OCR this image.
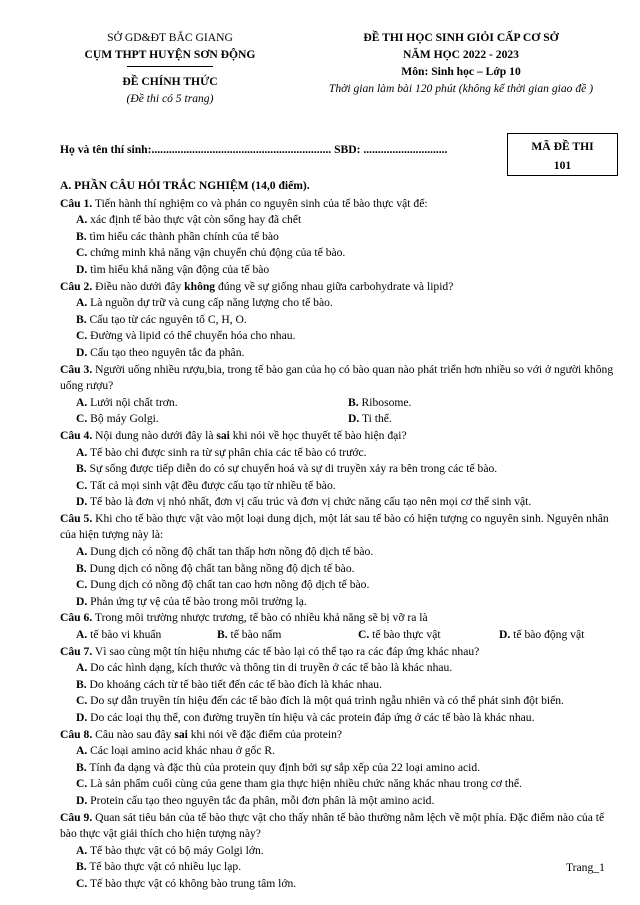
SỞ GD&ĐT BẮC GIANG
CỤM THPT HUYỆN SƠN ĐỘNG
ĐỀ CHÍNH THỨC
(Đề thi có 5 trang)
ĐỀ THI HỌC SINH GIỎI CẤP CƠ SỞ
NĂM HỌC 2022 - 2023
Môn: Sinh học – Lớp 10
Thời gian làm bài 120 phút (không kể thời gian giao đề )
Họ và tên thí sinh:.............................................................. SBD: .............................	MÃ ĐỀ THI
101
A. PHẦN CÂU HỎI TRẮC NGHIỆM (14,0 điểm).
Câu 1. Tiến hành thí nghiệm co và phản co nguyên sinh của tế bào thực vật để:
A. xác định tế bào thực vật còn sống hay đã chết
B. tìm hiểu các thành phần chính của tế bào
C. chứng minh khả năng vận chuyển chủ động của tế bào.
D. tìm hiểu khả năng vận động của tế bào
Câu 2. Điều nào dưới đây không đúng về sự giống nhau giữa carbohydrate và lipid?
A. Là nguồn dự trữ và cung cấp năng lượng cho tế bào.
B. Cấu tạo từ các nguyên tố C, H, O.
C. Đường và lipid có thể chuyển hóa cho nhau.
D. Cấu tạo theo nguyên tắc đa phân.
Câu 3. Người uống nhiều rượu,bia, trong tế bào gan của họ có bào quan nào phát triển hơn nhiều so với ở người không uống rượu?
A. Lưới nội chất trơn.	B. Ribosome.
C. Bộ máy Golgi.	D. Ti thể.
Câu 4. Nội dung nào dưới đây là sai khi nói về học thuyết tế bào hiện đại?
A. Tế bào chỉ được sinh ra từ sự phân chia các tế bào có trước.
B. Sự sống được tiếp diễn do có sự chuyển hoá và sự di truyền xảy ra bên trong các tế bào.
C. Tất cả mọi sinh vật đều được cấu tạo từ nhiều tế bào.
D. Tế bào là đơn vị nhỏ nhất, đơn vị cấu trúc và đơn vị chức năng cấu tạo nên mọi cơ thể sinh vật.
Câu 5. Khi cho tế bào thực vật vào một loại dung dịch, một lát sau tế bào có hiện tượng co nguyên sinh. Nguyên nhân của hiện tượng này là:
A. Dung dịch có nồng độ chất tan thấp hơn nồng độ dịch tế bào.
B. Dung dịch có nồng độ chất tan bằng nồng độ dịch tế bào.
C. Dung dịch có nồng độ chất tan cao hơn nồng độ dịch tế bào.
D. Phản ứng tự vệ của tế bào trong môi trường lạ.
Câu 6. Trong môi trường nhược trương, tế bào có nhiều khả năng sẽ bị vỡ ra là
A. tế bào vi khuẩn	B. tế bào nấm	C. tế bào thực vật	D. tế bào động vật
Câu 7. Vì sao cùng một tín hiệu nhưng các tế bào lại có thể tạo ra các đáp ứng khác nhau?
A. Do các hình dạng, kích thước và thông tin di truyền ở các tế bào là khác nhau.
B. Do khoảng cách từ tế bào tiết đến các tế bào đích là khác nhau.
C. Do sự dẫn truyền tín hiệu đến các tế bào đích là một quá trình ngẫu nhiên và có thể phát sinh đột biến.
D. Do các loại thụ thể, con đường truyền tín hiệu và các protein đáp ứng ở các tế bào là khác nhau.
Câu 8. Câu nào sau đây sai khi nói về đặc điểm của protein?
A. Các loại amino acid khác nhau ở gốc R.
B. Tính đa dạng và đặc thù của protein quy định bởi sự sắp xếp của 22 loại amino acid.
C. Là sản phẩm cuối cùng của gene tham gia thực hiện nhiều chức năng khác nhau trong cơ thể.
D. Protein cấu tạo theo nguyên tắc đa phân, mỗi đơn phân là một amino acid.
Câu 9. Quan sát tiêu bản của tế bào thực vật cho thấy nhân tế bào thường nằm lệch về một phía. Đặc điểm nào của tế bào thực vật giải thích cho hiện tượng này?
A. Tế bào thực vật có bộ máy Golgi lớn.
B. Tế bào thực vật có nhiều lục lạp.
C. Tế bào thực vật có không bào trung tâm lớn.
Trang_1
